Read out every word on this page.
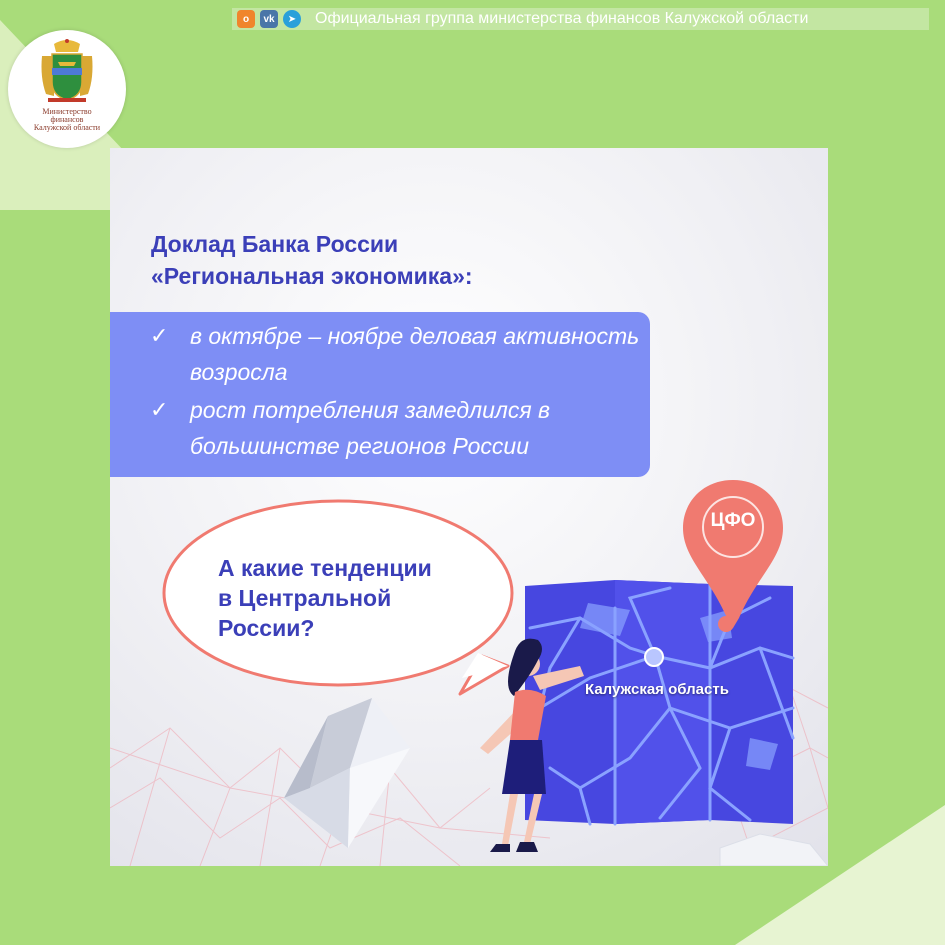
о	vk	➤	Официальная группа министерства финансов Калужской области
Министерство
финансов
Калужской области
Доклад Банка России
«Региональная экономика»:
✓ в октябре – ноябре деловая активность возросла
✓ рост потребления замедлился в большинстве регионов России
А какие тенденции
в Центральной
России?
ЦФО
Калужская область
